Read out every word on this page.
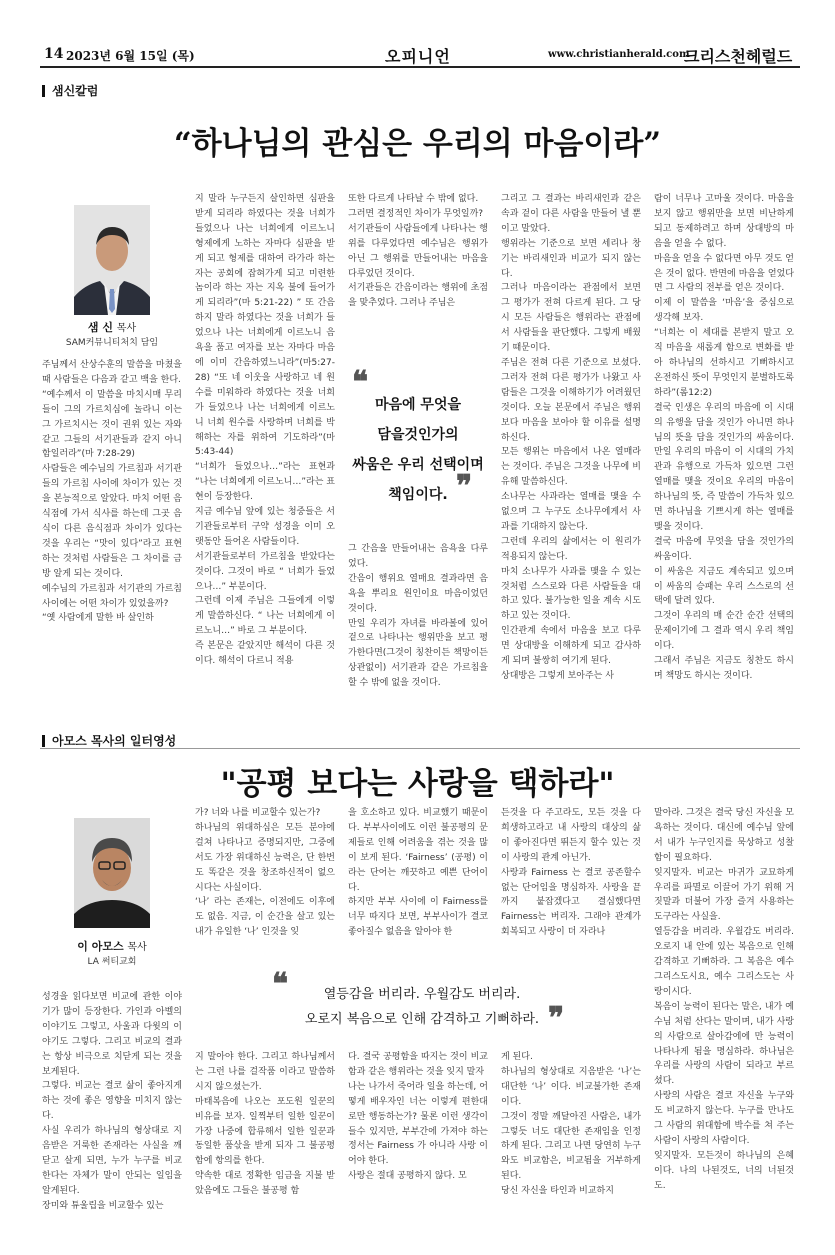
14 2023년 6월 15일 (목)	오피니언	www.christianherald.com
크리스천헤럴드
샘신칼럼
“하나님의 관심은 우리의 마음이라”
샘 신 목사
SAM커뮤니티처치 담임

주님께서 산상수훈의 말씀을 마쳤을 때 사람들은 다음과 같고 백을 한다.

“예수께서 이 말씀을 마치시매 무리들이 그의 가르치심에 놀라니 이는 그 가르치시는 것이 권위 있는 자와 같고 그들의 서기관들과 같지 아니함일러라”(마 7:28-29)

사람들은 예수님의 가르침과 서기관들의 가르침 사이에 차이가 있는 것을 본능적으로 알았다. 마치 어떤 음식점에 가서 식사를 하는데 그곳 음식이 다른 음식점과 차이가 있다는 것을 우리는 “맛이 있다”라고 표현하는 것처럼 사람들은 그 차이를 금방 알게 되는 것이다.

예수님의 가르침과 서기관의 가르침 사이에는 어떤 차이가 있었을까?

“옛 사람에게 말한 바 살인하

지 말라 누구든지 살인하면 심판을 받게 되리라 하였다는 것을 너희가 들었으나 나는 너희에게 이르노니 형제에게 노하는 자마다 심판을 받게 되고 형제를 대하여 라가라 하는 자는 공회에 잡혀가게 되고 미련한 놈이라 하는 자는 지옥 불에 들어가게 되리라”(마 5:21-22) ” 또 간음하지 말라 하였다는 것을 너희가 들었으나 나는 너희에게 이르노니 음욕을 품고 여자를 보는 자마다 마음에 이미 간음하였느니라”(마5:27-28) “또 네 이웃을 사랑하고 네 원수를 미워하라 하였다는 것을 너희가 들었으나 나는 너희에게 이르노니 너희 원수를 사랑하며 너희를 박해하는 자를 위하여 기도하라”(마5:43-44)

“너희가 들었으나…”라는 표현과 “나는 너희에게 이르노니…”라는 표현이 등장한다.

지금 예수님 앞에 있는 청중들은 서기관들로부터 구약 성경을 이미 오랫동안 들어온 사람들이다.

서기관들로부터 가르침을 받았다는 것이다. 그것이 바로 “ 너희가 들었으나…” 부분이다.

그런데 이제 주님은 그들에게 이렇게 말씀하신다. “ 나는 너희에게 이르노니…” 바로 그 부분이다.

즉 본문은 같았지만 해석이 다른 것이다. 해석이 다르니 적용

또한 다르게 나타날 수 밖에 없다.

그러면 결정적인 차이가 무엇일까?

서기관들이 사람들에게 나타나는 행위를 다루었다면 예수님은 행위가 아닌 그 행위를 만들어내는 마음을 다루었던 것이다.

서기관들은 간음이라는 행위에 초점을 맞추었다. 그러나 주님은

❝
마음에 무엇을
담을것인가의
싸움은 우리 선택이며
책임이다. ❞

그 간음을 만들어내는 음욕을 다루었다.

간음이 행위요 열매요 결과라면 음욕을 뿌리요 원인이요 마음이었던 것이다.

만일 우리가 자녀를 바라볼에 있어 겉으로 나타나는 행위만을 보고 평가한다면(그것이 칭찬이든 책망이든 상관없이) 서기관과 같은 가르침을 할 수 밖에 없을 것이다.

그리고 그 결과는 바리새인과 같은 속과 겉이 다른 사람을 만들어 낼 뿐이고 말았다.

행위라는 기준으로 보면 세리나 창기는 바리새인과 비교가 되지 않는다.

그러나 마음이라는 관점에서 보면 그 평가가 전혀 다르게 된다. 그 당시 모든 사람들은 행위라는 관점에서 사람들을 판단했다. 그렇게 배웠기 때문이다.

주님은 전혀 다른 기준으로 보셨다. 그러자 전혀 다른 평가가 나왔고 사람들은 그것을 이해하기가 어려웠던 것이다. 오늘 본문에서 주님은 행위보다 마음을 보아야 할 이유를 설명하신다.

모든 행위는 마음에서 나온 열매라는 것이다. 주님은 그것을 나무에 비유해 말씀하신다.

소나무는 사과라는 열매를 맺을 수 없으며 그 누구도 소나무에게서 사과를 기대하지 않는다.

그런데 우리의 삶에서는 이 원리가 적용되지 않는다.

마치 소나무가 사과를 맺을 수 있는 것처럼 스스로와 다른 사람들을 대하고 있다. 불가능한 일을 계속 시도하고 있는 것이다.

인간관계 속에서 마음을 보고 다루면 상대방을 이해하게 되고 감사하게 되며 불쌍히 여기게 된다.

상대방은 그렇게 보아주는 사

람이 너무나 고마울 것이다. 마음을 보지 않고 행위만을 보면 비난하게 되고 동제하려고 하며 상대방의 마음을 얻을 수 없다.

마음을 얻을 수 없다면 아무 것도 얻은 것이 없다. 반면에 마음을 얻었다면 그 사람의 전부를 얻은 것이다.

이제 이 말씀을 ‘마음’을 중심으로 생각해 보자.

“너희는 이 세대를 본받지 말고 오직 마음을 새롭게 함으로 변화를 받아 하나님의 선하시고 기뻐하시고 온전하신 뜻이 무엇인지 분별하도록 하라”(롬12:2)

결국 인생은 우리의 마음에 이 시대의 유행을 담을 것인가 아니면 하나님의 뜻을 담을 것인가의 싸움이다. 만일 우리의 마음이 이 시대의 가치관과 유행으로 가득차 있으면 그런 열매를 맺을 것이요 우리의 마음이 하나님의 뜻, 즉 말씀이 가득차 있으면 하나님을 기쁘시게 하는 열매를 맺을 것이다.

결국 마음에 무엇을 담을 것인가의 싸움이다.

이 싸움은 지금도 계속되고 있으며 이 싸움의 승패는 우리 스스로의 선택에 달려 있다.

그것이 우리의 매 순간 순간 선택의 문제이기에 그 결과 역시 우리 책임이다.

그래서 주님은 지금도 칭찬도 하시며 책망도 하시는 것이다.

아모스 목사의 일터영성
"공평 보다는 사랑을 택하라"
이 아모스 목사
LA 써티교회

성경을 읽다보면 비교에 관한 이야기가 많이 등장한다. 가인과 아벨의 이야기도 그렇고, 사울과 다윗의 이야기도 그렇다. 그리고 비교의 결과는 항상 비극으로 치닫게 되는 것을 보게된다.

그렇다. 비교는 결코 삶이 좋아지게 하는 것에 좋은 영향을 미치지 않는다.

사실 우리가 하나님의 형상대로 지음받은 거룩한 존재라는 사실을 깨닫고 살게 되면, 누가 누구를 비교 한다는 자체가 말이 안되는 일임을 알게된다.

장미와 튜울립을 비교할수 있는

가? 너와 나를 비교할수 있는가?

하나님의 위대하심은 모든 분야에 걸쳐 나타나고 증명되지만, 그중에서도 가장 위대하신 능력은, 단 한번도 똑같은 것을 창조하신적이 없으시다는 사실이다.

‘나’ 라는 존재는, 이전에도 이후에도 없음. 지금, 이 순간을 살고 있는 내가 유일한 ‘나’ 인것을 잊

을 호소하고 있다. 비교했기 때문이다. 부부사이에도 이런 불공평의 문제들로 인해 어려움을 겪는 것을 많이 보게 된다. ‘Fairness’ (공평) 이라는 단어는 깨끗하고 예쁜 단어이다.

하지만 부부 사이에 이 Fairness를 너무 따지다 보면, 부부사이가 결코 좋아질수 없음을 알아야 한

든것을 다 주고라도, 모든 것을 다 희생하고라고 내 사랑의 대상의 삶이 좋아진다면 뛰든지 할수 있는 것이 사랑의 관계 아닌가.

사랑과 Fairness 는 결코 공존할수 없는 단어임을 명심하자. 사랑을 끝까지 붙잡겠다고 결심했다면 Fairness는 버리자. 그래야 관계가 회복되고 사랑이 더 자라나

❝	열등감을 버리라. 우월감도 버리라.
오로지 복음으로 인해 감격하고 기뻐하라. ❞

지 말아야 한다. 그리고 하나님께서는 그런 나를 걸작품 이라고 말씀하시지 않으셨는가.

마태복음에 나오는 포도원 일꾼의 비유를 보자. 일찍부터 일한 일꾼이 가장 나중에 합류해서 일한 일꾼과 동일한 품삯을 받게 되자 그 불공평함에 항의를 한다.

약속한 대로 정확한 임금을 지불 받았음에도 그들은 불공평 함

다. 결국 공평함을 따지는 것이 비교함과 같은 행위라는 것을 잊지 말자

나는 나가서 죽어라 일을 하는데, 어떻게 배우자인 너는 이렇게 편한대로만 행동하는가? 물론 이런 생각이 들수 있지만, 부부간에 가져야 하는 정서는 Fairness 가 아니라 사랑 이어야 한다.

사랑은 절대 공평하지 않다. 모

게 된다.

하나님의 형상대로 지음받은 ‘나’는 대단한 ‘나’ 이다. 비교불가한 존재이다.

그것이 정말 깨달아진 사람은, 내가 그렇듯 너도 대단한 존재임을 인정하게 된다. 그리고 나면 당연히 누구와도 비교함은, 비교됨을 거부하게 된다.

당신 자신을 타인과 비교하지

말아라. 그것은 결국 당신 자신을 모욕하는 것이다. 대신에 예수님 앞에서 내가 누구인지를 묵상하고 성찰함이 필요하다.

잊지말자. 비교는 마귀가 교묘하게 우리를 파멸로 이끌어 가기 위해 거짓말과 더불어 가장 즐겨 사용하는 도구라는 사실을.

열등감을 버리라. 우월감도 버리라. 오로지 내 안에 있는 복음으로 인해 감격하고 기뻐하라. 그 복음은 예수 그리스도시요, 예수 그리스도는 사랑이시다.

복음이 능력이 된다는 말은, 내가 예수님 처럼 산다는 말이며, 내가 사랑의 사람으로 살아감에에 만 능력이 나타나게 됨을 명심하라. 하나님은 우리를 사랑의 사람이 되라고 부르셨다.

사랑의 사람은 결코 자신을 누구와도 비교하지 않는다. 누구를 만나도 그 사람의 위대함에 박수를 쳐 주는 사람이 사랑의 사람이다.

잊지말자. 모든것이 하나님의 은혜이다. 나의 나된것도, 너의 너된것도.
